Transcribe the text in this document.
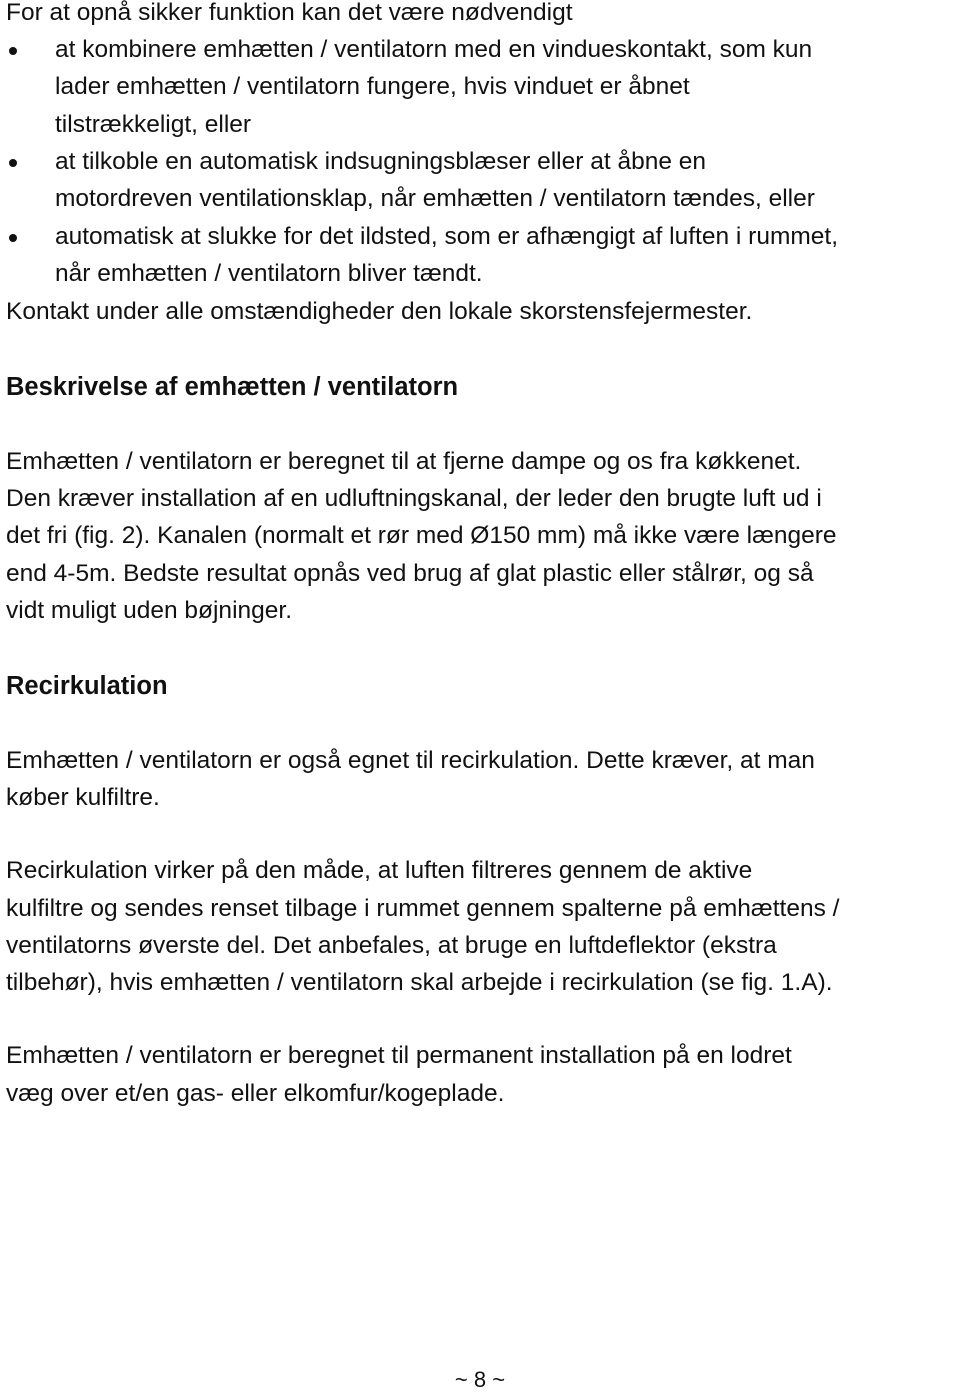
For at opnå sikker funktion kan det være nødvendigt
at kombinere emhætten / ventilatorn med en vindueskontakt, som kun
lader emhætten / ventilatorn fungere, hvis vinduet er åbnet
tilstrækkeligt, eller
at tilkoble en automatisk indsugningsblæser eller at åbne en
motordreven ventilationsklap, når emhætten / ventilatorn tændes, eller
automatisk at slukke for det ildsted, som er afhængigt af luften i rummet,
når emhætten / ventilatorn bliver tændt.
Kontakt under alle omstændigheder den lokale skorstensfejermester.
Beskrivelse af emhætten / ventilatorn
Emhætten / ventilatorn er beregnet til at fjerne dampe og os fra køkkenet.
Den kræver installation af en udluftningskanal, der leder den brugte luft ud i
det fri (fig. 2). Kanalen (normalt et rør med Ø150 mm) må ikke være længere
end 4-5m. Bedste resultat opnås ved brug af glat plastic eller stålrør, og så
vidt muligt uden bøjninger.
Recirkulation
Emhætten / ventilatorn er også egnet til recirkulation. Dette kræver, at man
køber kulfiltre.
Recirkulation virker på den måde, at luften filtreres gennem de aktive
kulfiltre og sendes renset tilbage i rummet gennem spalterne på emhættens /
ventilatorns øverste del. Det anbefales, at bruge en luftdeflektor (ekstra
tilbehør), hvis emhætten / ventilatorn skal arbejde i recirkulation (se fig. 1.A).
Emhætten / ventilatorn er beregnet til permanent installation på en lodret
væg over et/en gas- eller elkomfur/kogeplade.
~ 8 ~
